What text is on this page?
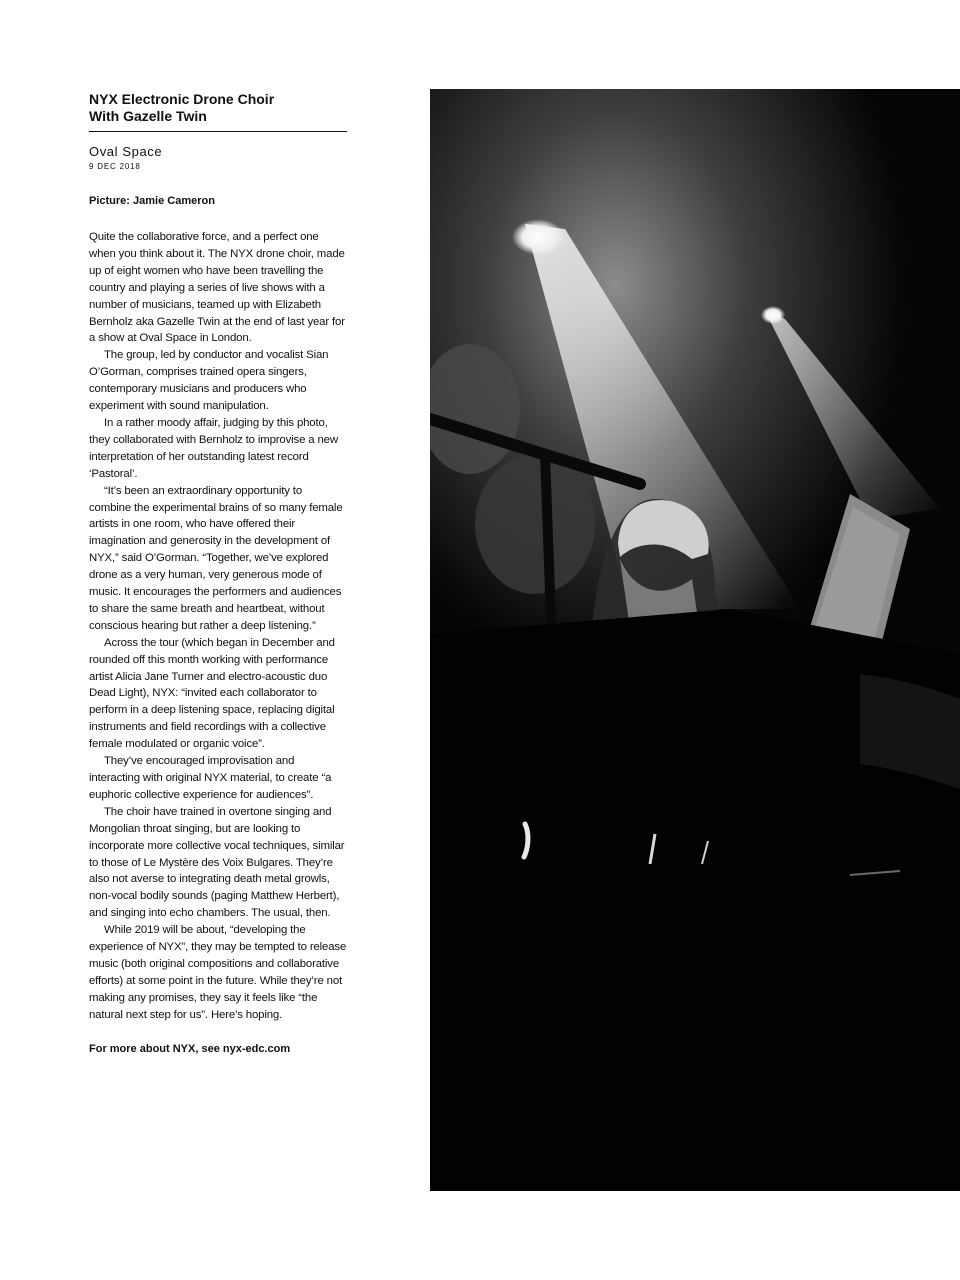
NYX Electronic Drone Choir
With Gazelle Twin
Oval Space
9 DEC 2018
Picture: Jamie Cameron

Quite the collaborative force, and a perfect one when you think about it. The NYX drone choir, made up of eight women who have been travelling the country and playing a series of live shows with a number of musicians, teamed up with Elizabeth Bernholz aka Gazelle Twin at the end of last year for a show at Oval Space in London.

The group, led by conductor and vocalist Sian O’Gorman, comprises trained opera singers, contemporary musicians and producers who experiment with sound manipulation.

In a rather moody affair, judging by this photo, they collaborated with Bernholz to improvise a new interpretation of her outstanding latest record ‘Pastoral’.

“It’s been an extraordinary opportunity to combine the experimental brains of so many female artists in one room, who have offered their imagination and generosity in the development of NYX,” said O’Gorman. “Together, we’ve explored drone as a very human, very generous mode of music. It encourages the performers and audiences to share the same breath and heartbeat, without conscious hearing but rather a deep listening.”

Across the tour (which began in December and rounded off this month working with performance artist Alicia Jane Turner and electro-acoustic duo Dead Light), NYX: “invited each collaborator to perform in a deep listening space, replacing digital instruments and field recordings with a collective female modulated or organic voice”.

They’ve encouraged improvisation and interacting with original NYX material, to create “a euphoric collective experience for audiences”.

The choir have trained in overtone singing and Mongolian throat singing, but are looking to incorporate more collective vocal techniques, similar to those of Le Mystère des Voix Bulgares. They’re also not averse to integrating death metal growls, non-vocal bodily sounds (paging Matthew Herbert), and singing into echo chambers. The usual, then.

While 2019 will be about, “developing the experience of NYX”, they may be tempted to release music (both original compositions and collaborative efforts) at some point in the future. While they’re not making any promises, they say it feels like “the natural next step for us”. Here’s hoping.

For more about NYX, see nyx-edc.com
